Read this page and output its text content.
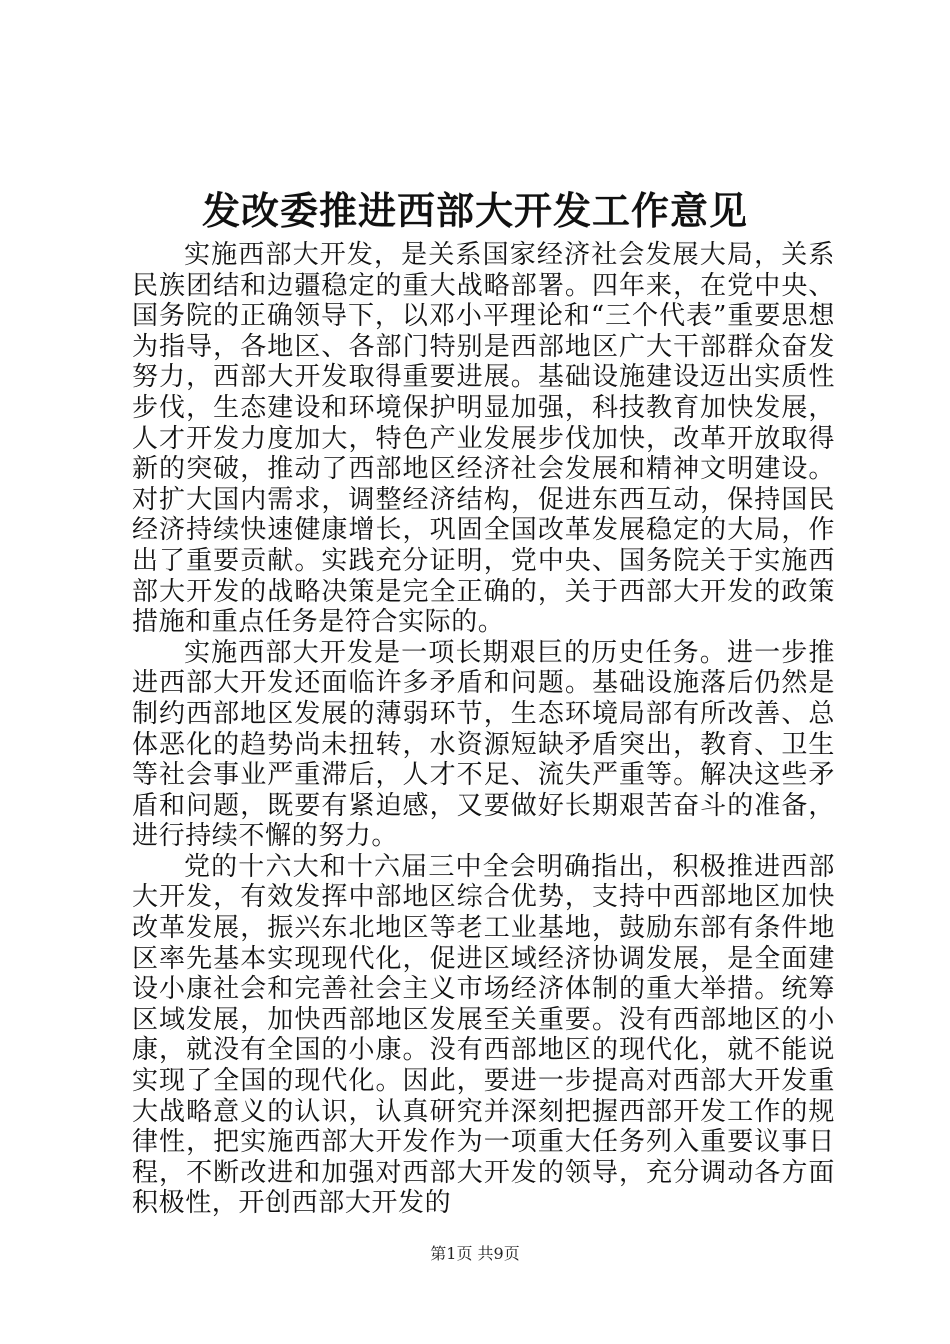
发改委推进西部大开发工作意见

实施西部大开发，是关系国家经济社会发展大局，关系民族团结和边疆稳定的重大战略部署。四年来，在党中央、国务院的正确领导下，以邓小平理论和“三个代表”重要思想为指导，各地区、各部门特别是西部地区广大干部群众奋发努力，西部大开发取得重要进展。基础设施建设迈出实质性步伐，生态建设和环境保护明显加强，科技教育加快发展，人才开发力度加大，特色产业发展步伐加快，改革开放取得新的突破，推动了西部地区经济社会发展和精神文明建设。对扩大国内需求，调整经济结构，促进东西互动，保持国民经济持续快速健康增长，巩固全国改革发展稳定的大局，作出了重要贡献。实践充分证明，党中央、国务院关于实施西部大开发的战略决策是完全正确的，关于西部大开发的政策措施和重点任务是符合实际的。

实施西部大开发是一项长期艰巨的历史任务。进一步推进西部大开发还面临许多矛盾和问题。基础设施落后仍然是制约西部地区发展的薄弱环节，生态环境局部有所改善、总体恶化的趋势尚未扭转，水资源短缺矛盾突出，教育、卫生等社会事业严重滞后，人才不足、流失严重等。解决这些矛盾和问题，既要有紧迫感，又要做好长期艰苦奋斗的准备，进行持续不懈的努力。

党的十六大和十六届三中全会明确指出，积极推进西部大开发，有效发挥中部地区综合优势，支持中西部地区加快改革发展，振兴东北地区等老工业基地，鼓励东部有条件地区率先基本实现现代化，促进区域经济协调发展，是全面建设小康社会和完善社会主义市场经济体制的重大举措。统筹区域发展，加快西部地区发展至关重要。没有西部地区的小康，就没有全国的小康。没有西部地区的现代化，就不能说实现了全国的现代化。因此，要进一步提高对西部大开发重大战略意义的认识，认真研究并深刻把握西部开发工作的规律性，把实施西部大开发作为一项重大任务列入重要议事日程，不断改进和加强对西部大开发的领导，充分调动各方面积极性，开创西部大开发的

第1页 共9页
